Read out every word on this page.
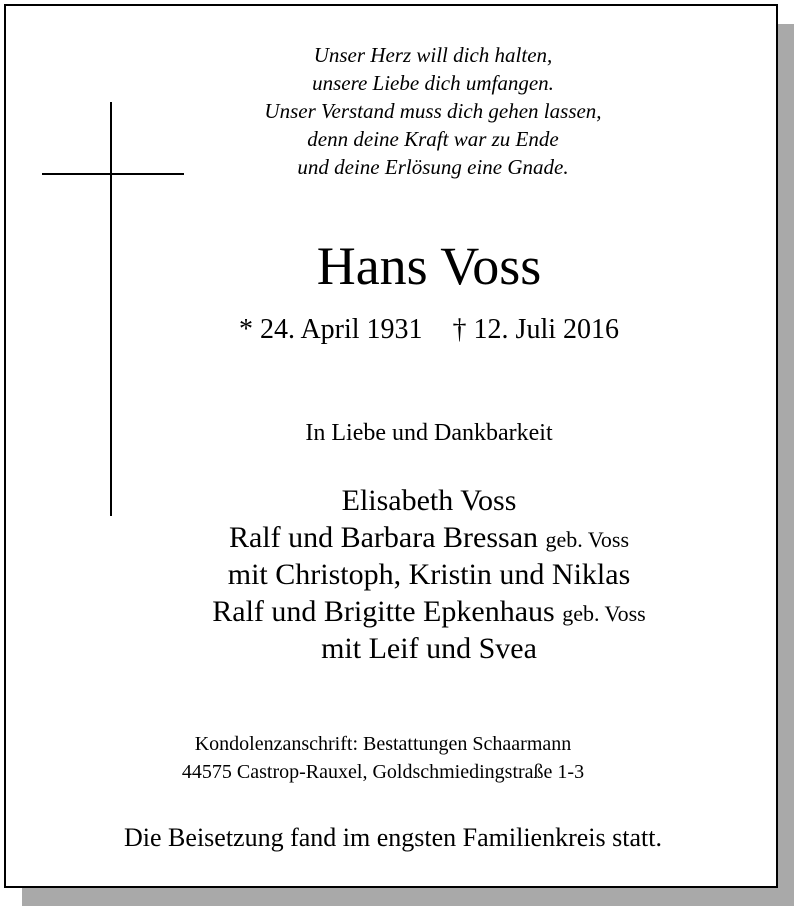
Unser Herz will dich halten,
unsere Liebe dich umfangen.
Unser Verstand muss dich gehen lassen,
denn deine Kraft war zu Ende
und deine Erlösung eine Gnade.
Hans Voss
* 24. April 1931 † 12. Juli 2016
In Liebe und Dankbarkeit
Elisabeth Voss
Ralf und Barbara Bressan geb. Voss
mit Christoph, Kristin und Niklas
Ralf und Brigitte Epkenhaus geb. Voss
mit Leif und Svea
Kondolenzanschrift: Bestattungen Schaarmann
44575 Castrop-Rauxel, Goldschmiedingstraße 1-3
Die Beisetzung fand im engsten Familienkreis statt.
